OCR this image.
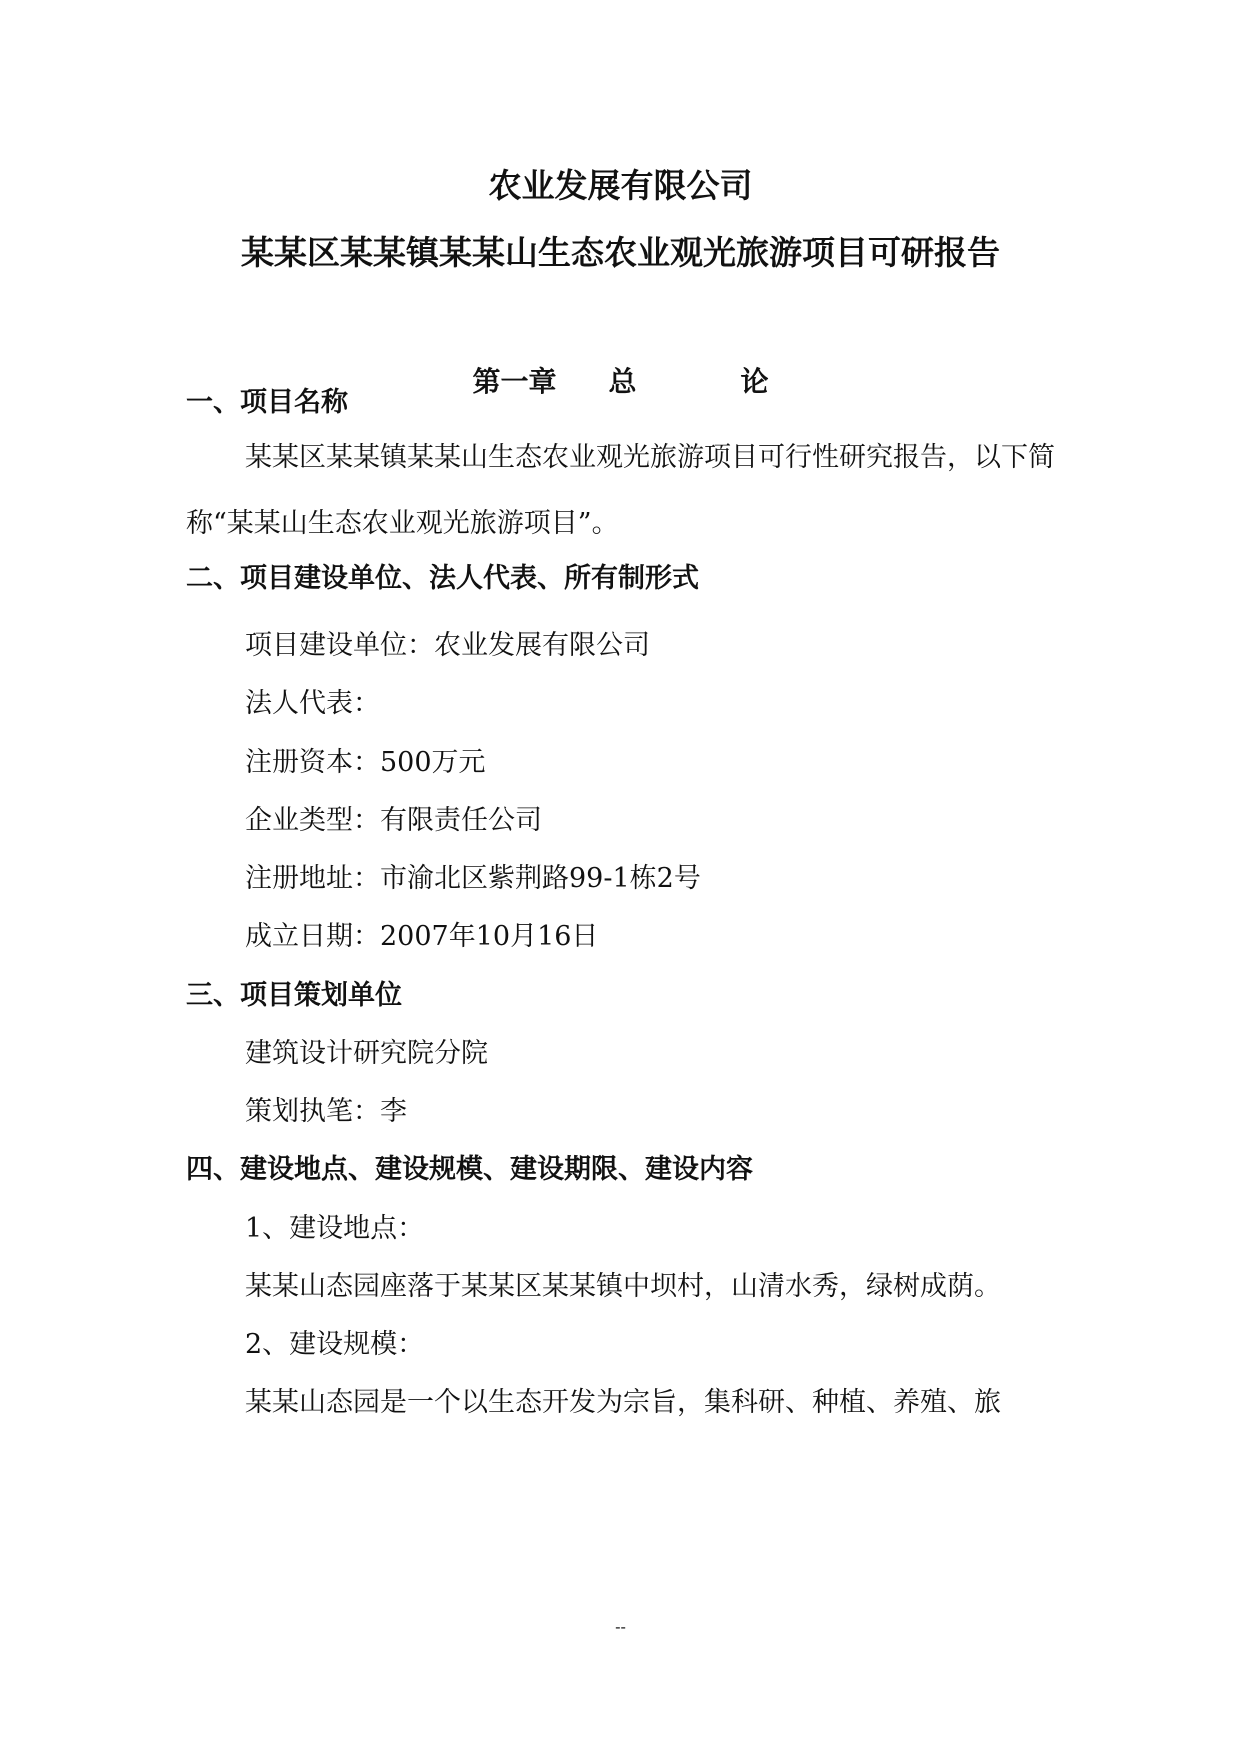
农业发展有限公司
某某区某某镇某某山生态农业观光旅游项目可研报告
第一章 总	论
一、项目名称
某某区某某镇某某山生态农业观光旅游项目可行性研究报告，以下简称“某某山生态农业观光旅游项目”。
二、项目建设单位、法人代表、所有制形式
项目建设单位：农业发展有限公司
法人代表：
注册资本：500万元
企业类型：有限责任公司
注册地址：市渝北区紫荆路99-1栋2号
成立日期：2007年10月16日
三、项目策划单位
建筑设计研究院分院
策划执笔：李
四、建设地点、建设规模、建设期限、建设内容
1、建设地点：
某某山态园座落于某某区某某镇中坝村，山清水秀，绿树成荫。
2、建设规模：
某某山态园是一个以生态开发为宗旨，集科研、种植、养殖、旅
--
